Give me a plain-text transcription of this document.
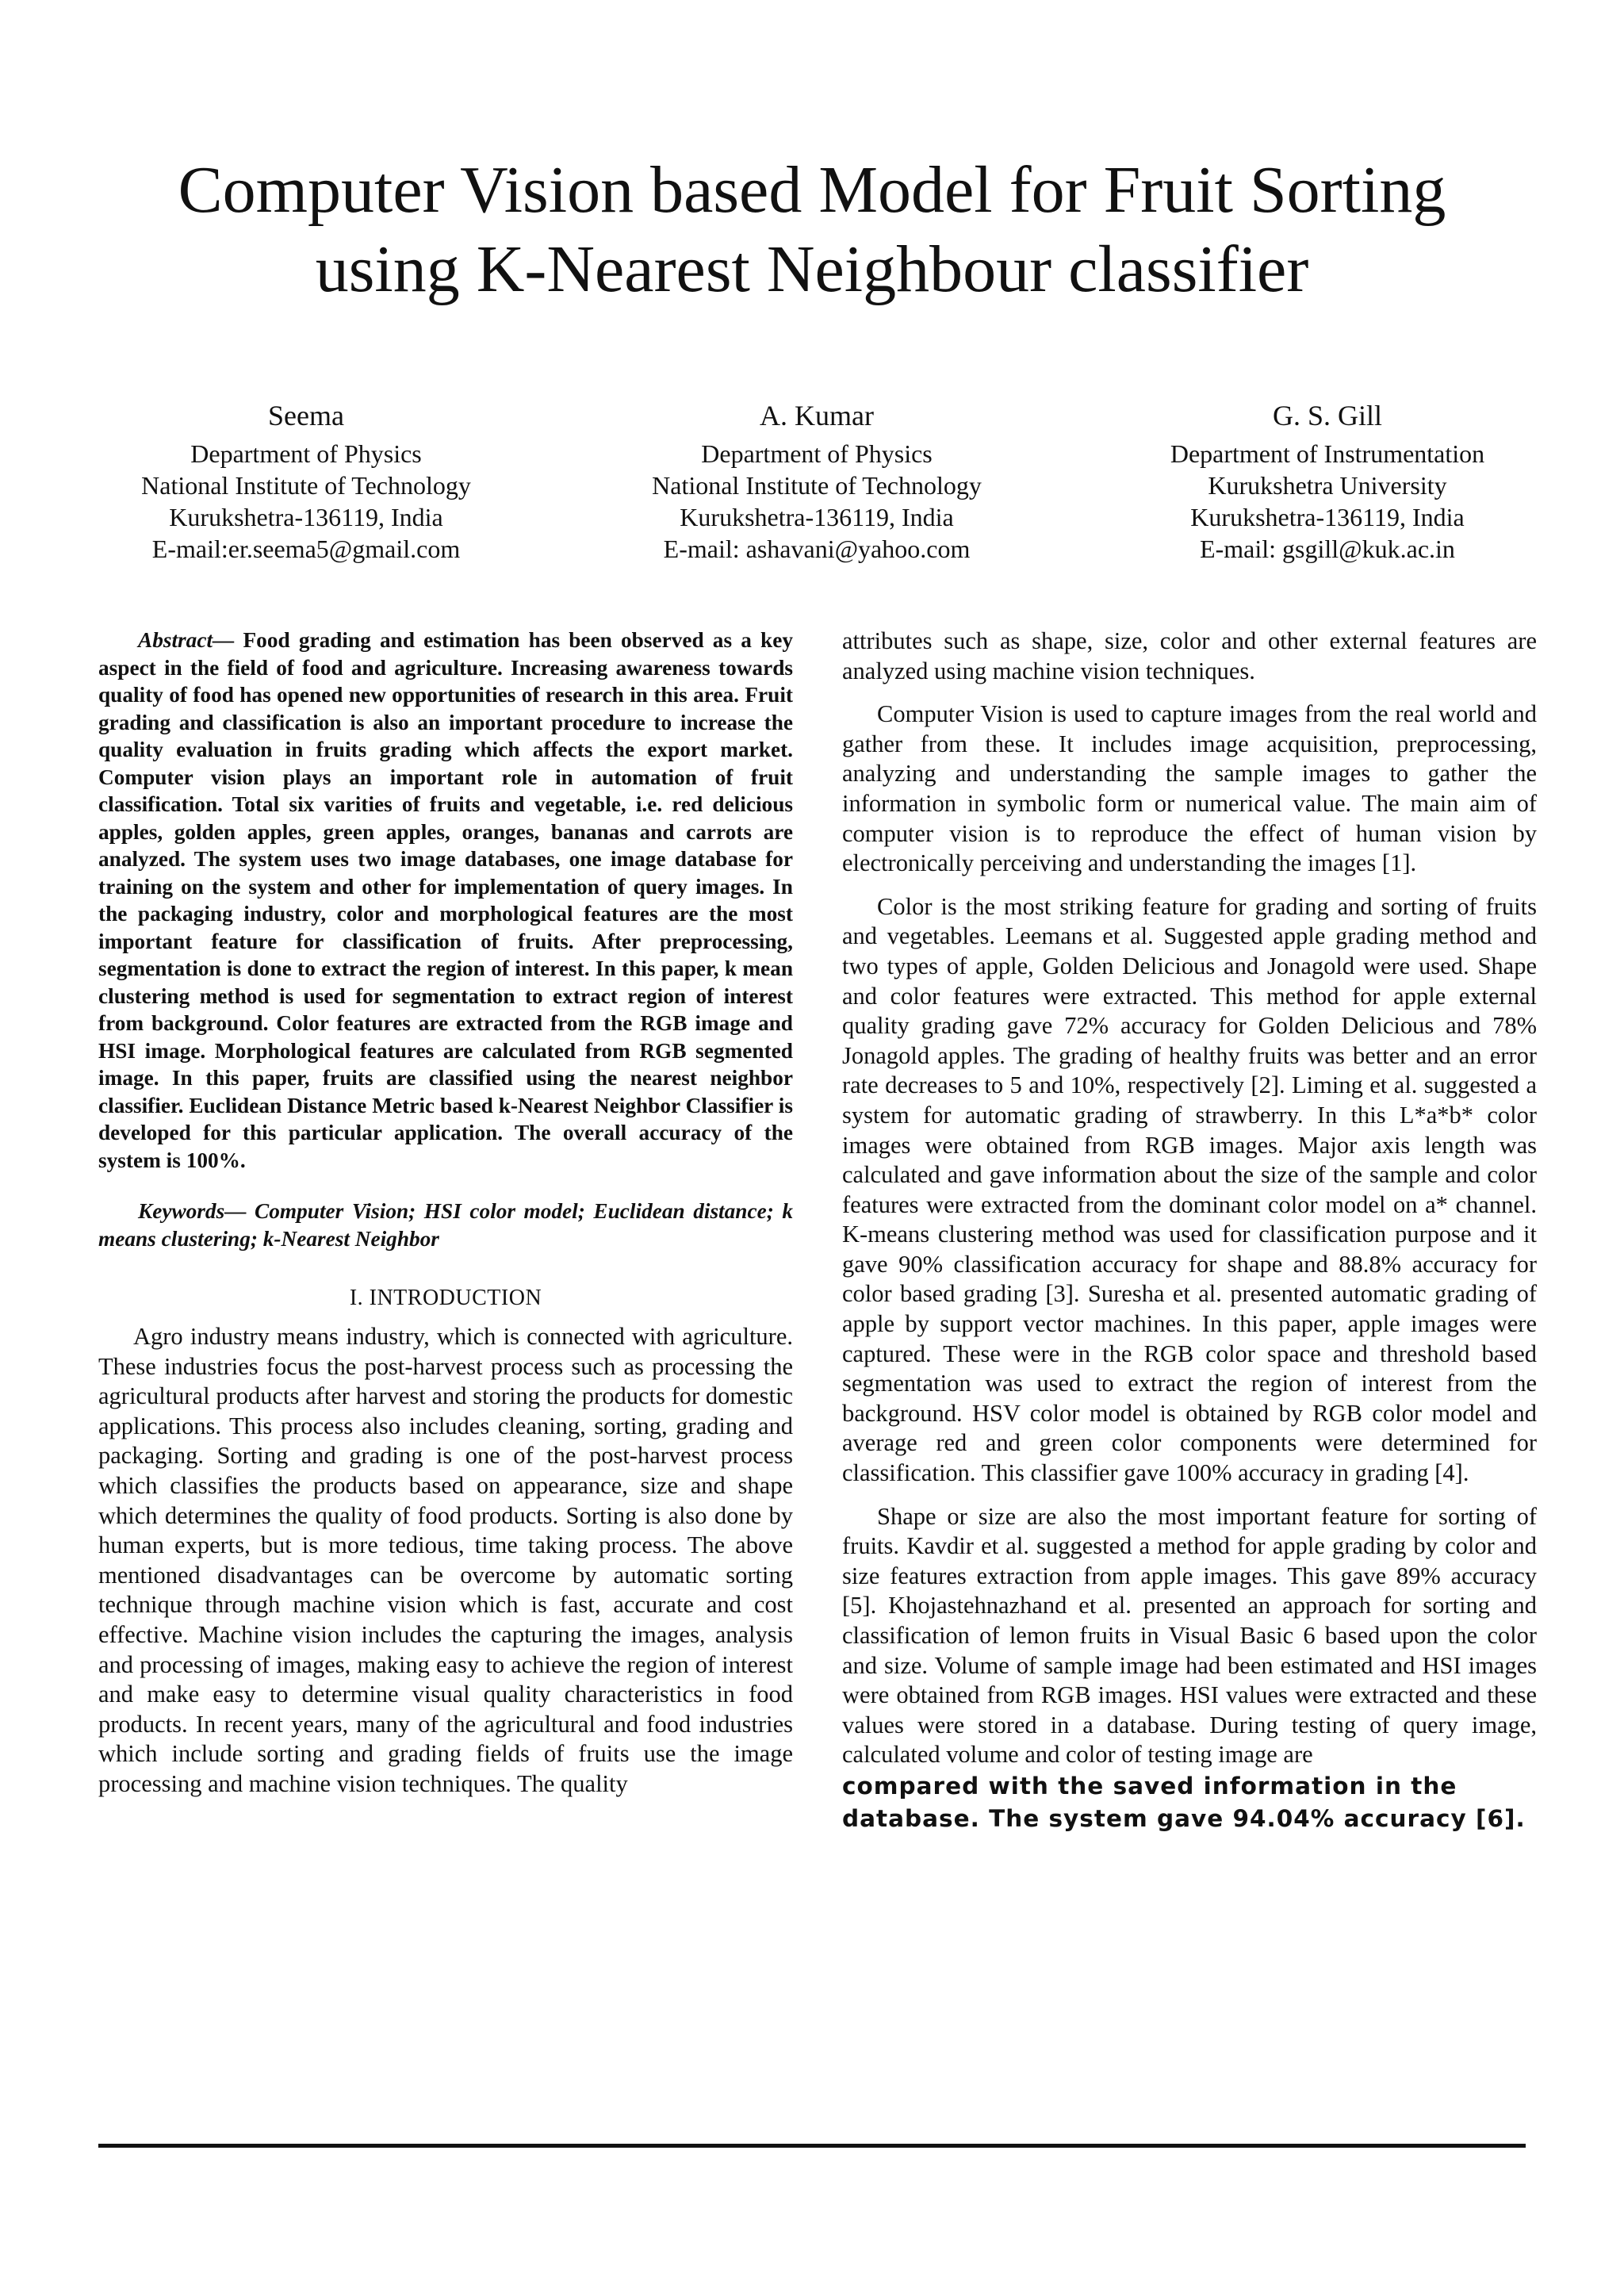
Computer Vision based Model for Fruit Sorting
using K-Nearest Neighbour classifier
Seema
Department of Physics
National Institute of Technology
Kurukshetra-136119, India
E-mail:er.seema5@gmail.com
A. Kumar
Department of Physics
National Institute of Technology
Kurukshetra-136119, India
E-mail: ashavani@yahoo.com
G. S. Gill
Department of Instrumentation
Kurukshetra University
Kurukshetra-136119, India
E-mail: gsgill@kuk.ac.in

Abstract— Food grading and estimation has been observed as a key aspect in the field of food and agriculture. Increasing awareness towards quality of food has opened new opportunities of research in this area. Fruit grading and classification is also an important procedure to increase the quality evaluation in fruits grading which affects the export market. Computer vision plays an important role in automation of fruit classification. Total six varities of fruits and vegetable, i.e. red delicious apples, golden apples, green apples, oranges, bananas and carrots are analyzed. The system uses two image databases, one image database for training on the system and other for implementation of query images. In the packaging industry, color and morphological features are the most important feature for classification of fruits. After preprocessing, segmentation is done to extract the region of interest. In this paper, k mean clustering method is used for segmentation to extract region of interest from background. Color features are extracted from the RGB image and HSI image. Morphological features are calculated from RGB segmented image. In this paper, fruits are classified using the nearest neighbor classifier. Euclidean Distance Metric based k-Nearest Neighbor Classifier is developed for this particular application. The overall accuracy of the system is 100%.

Keywords— Computer Vision; HSI color model; Euclidean distance; k means clustering; k-Nearest Neighbor

I. INTRODUCTION

Agro industry means industry, which is connected with agriculture. These industries focus the post-harvest process such as processing the agricultural products after harvest and storing the products for domestic applications. This process also includes cleaning, sorting, grading and packaging. Sorting and grading is one of the post-harvest process which classifies the products based on appearance, size and shape which determines the quality of food products. Sorting is also done by human experts, but is more tedious, time taking process. The above mentioned disadvantages can be overcome by automatic sorting technique through machine vision which is fast, accurate and cost effective. Machine vision includes the capturing the images, analysis and processing of images, making easy to achieve the region of interest and make easy to determine visual quality characteristics in food products. In recent years, many of the agricultural and food industries which include sorting and grading fields of fruits use the image processing and machine vision techniques. The quality

attributes such as shape, size, color and other external features are analyzed using machine vision techniques.

Computer Vision is used to capture images from the real world and gather from these. It includes image acquisition, preprocessing, analyzing and understanding the sample images to gather the information in symbolic form or numerical value. The main aim of computer vision is to reproduce the effect of human vision by electronically perceiving and understanding the images [1].

Color is the most striking feature for grading and sorting of fruits and vegetables. Leemans et al. Suggested apple grading method and two types of apple, Golden Delicious and Jonagold were used. Shape and color features were extracted. This method for apple external quality grading gave 72% accuracy for Golden Delicious and 78% Jonagold apples. The grading of healthy fruits was better and an error rate decreases to 5 and 10%, respectively [2]. Liming et al. suggested a system for automatic grading of strawberry. In this L*a*b* color images were obtained from RGB images. Major axis length was calculated and gave information about the size of the sample and color features were extracted from the dominant color model on a* channel. K-means clustering method was used for classification purpose and it gave 90% classification accuracy for shape and 88.8% accuracy for color based grading [3]. Suresha et al. presented automatic grading of apple by support vector machines. In this paper, apple images were captured. These were in the RGB color space and threshold based segmentation was used to extract the region of interest from the background. HSV color model is obtained by RGB color model and average red and green color components were determined for classification. This classifier gave 100% accuracy in grading [4].

Shape or size are also the most important feature for sorting of fruits. Kavdir et al. suggested a method for apple grading by color and size features extraction from apple images. This gave 89% accuracy [5]. Khojastehnazhand et al. presented an approach for sorting and classification of lemon fruits in Visual Basic 6 based upon the color and size. Volume of sample image had been estimated and HSI images were obtained from RGB images. HSI values were extracted and these values were stored in a database. During testing of query image, calculated volume and color of testing image are

compared with the saved information in the
database. The system gave 94.04% accuracy [6].
